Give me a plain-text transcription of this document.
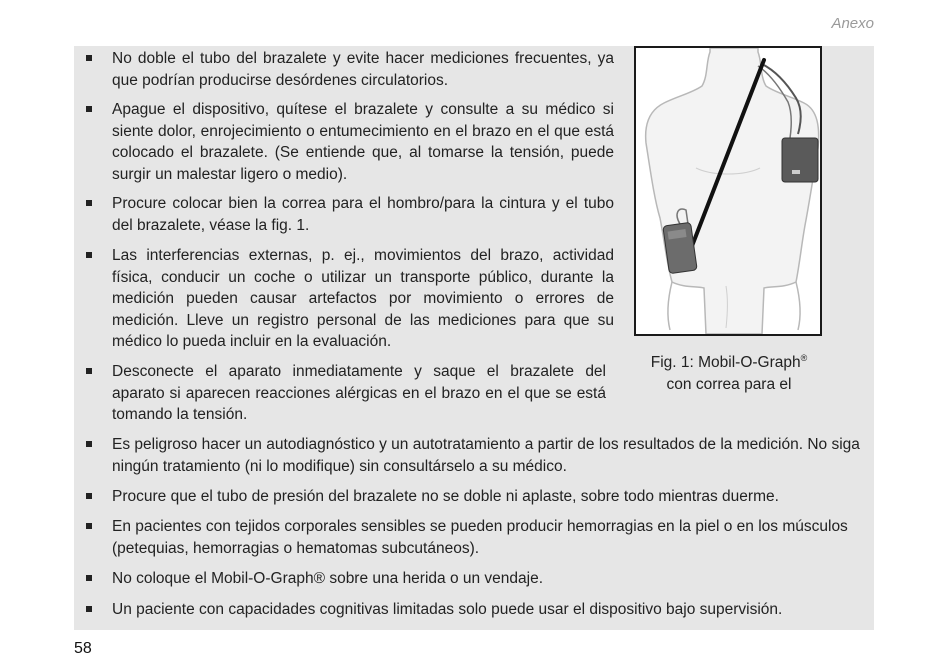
Anexo
No doble el tubo del brazalete y evite hacer mediciones frecuentes, ya que podrían producirse desórdenes circulatorios.
Apague el dispositivo, quítese el brazalete y consulte a su médico si siente dolor, enrojecimiento o entumecimiento en el brazo en el que está colocado el brazalete. (Se entiende que, al tomarse la tensión, puede surgir un malestar ligero o medio).
Procure colocar bien la correa para el hombro/para la cintura y el tubo del brazalete, véase la fig. 1.
Las interferencias externas, p. ej., movimientos del brazo, actividad física, conducir un coche o utilizar un transporte público, durante la medición pueden causar artefactos por movimiento o errores de medición. Lleve un registro personal de las mediciones para que su médico lo pueda incluir en la evaluación.
Desconecte el aparato inmediatamente y saque el brazalete del aparato si aparecen reacciones alérgicas en el brazo en el que se está tomando la tensión.
Es peligroso hacer un autodiagnóstico y un autotratamiento a partir de los resultados de la medición. No siga ningún tratamiento (ni lo modifique) sin consultárselo a su médico.
Procure que el tubo de presión del brazalete no se doble ni aplaste, sobre todo mientras duerme.
En pacientes con tejidos corporales sensibles se pueden producir hemorragias en la piel o en los músculos (petequias, hemorragias o hematomas subcutáneos).
No coloque el Mobil-O-Graph® sobre una herida o un vendaje.
Un paciente con capacidades cognitivas limitadas solo puede usar el dispositivo bajo supervisión.
Fig. 1: Mobil-O-Graph®
con correa para el
58
